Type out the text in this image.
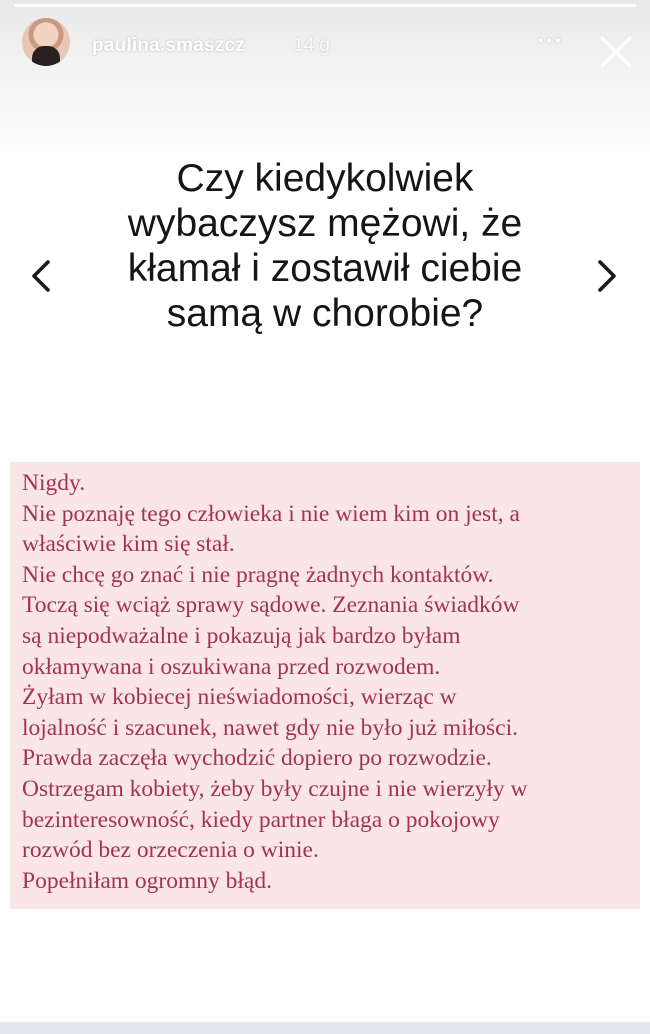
paulina.smaszcz	14 g	···
Czy kiedykolwiek wybaczysz mężowi, że kłamał i zostawił ciebie samą w chorobie?
Nigdy.
Nie poznaję tego człowieka i nie wiem kim on jest, a
właściwie kim się stał.
Nie chcę go znać i nie pragnę żadnych kontaktów.
Toczą się wciąż sprawy sądowe. Zeznania świadków
są niepodważalne i pokazują jak bardzo byłam
okłamywana i oszukiwana przed rozwodem.
Żyłam w kobiecej nieświadomości, wierząc w
lojalność i szacunek, nawet gdy nie było już miłości.
Prawda zaczęła wychodzić dopiero po rozwodzie.
Ostrzegam kobiety, żeby były czujne i nie wierzyły w
bezinteresowność, kiedy partner błaga o pokojowy
rozwód bez orzeczenia o winie.
Popełniłam ogromny błąd.
